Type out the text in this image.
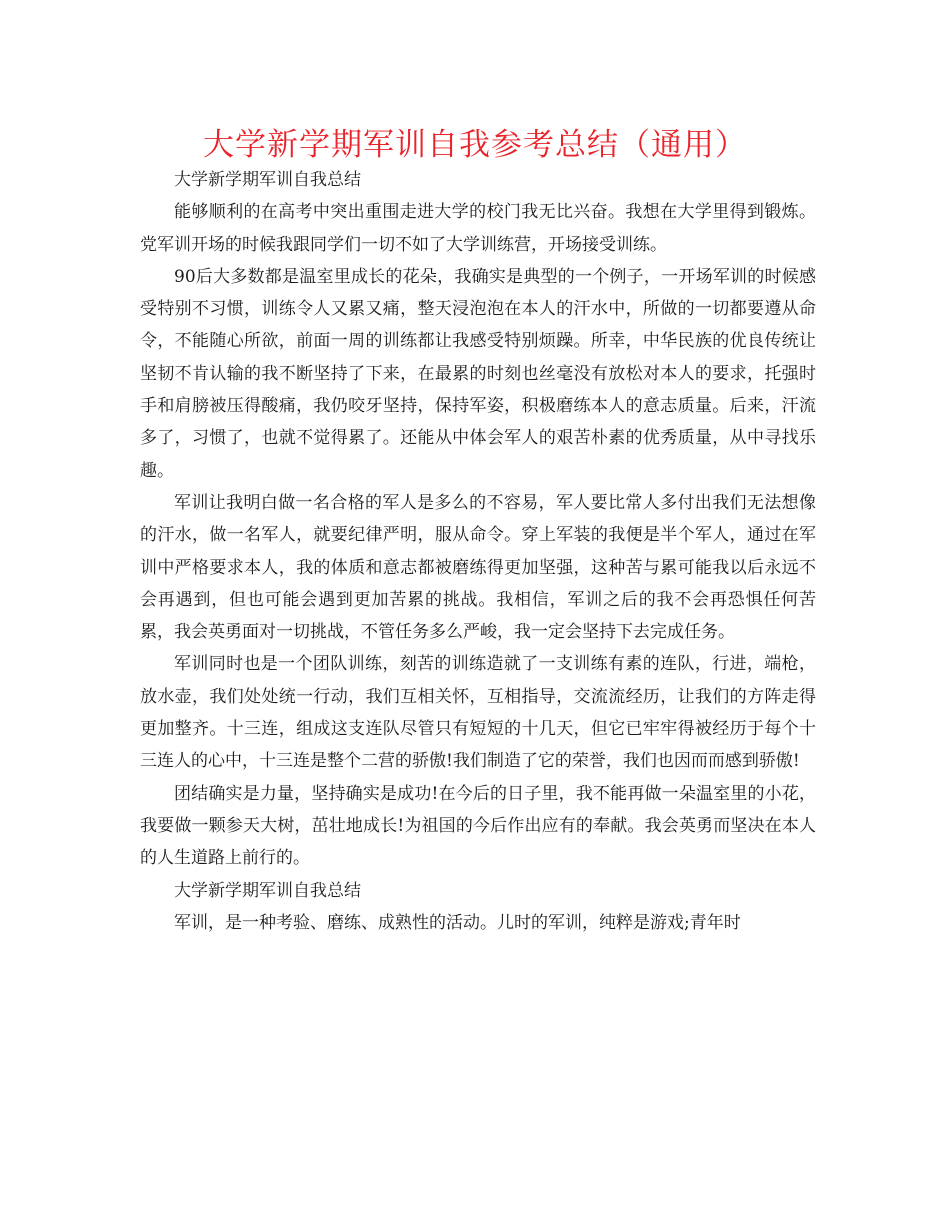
大学新学期军训自我参考总结（通用）

大学新学期军训自我总结

能够顺利的在高考中突出重围走进大学的校门我无比兴奋。我想在大学里得到锻炼。党军训开场的时候我跟同学们一切不如了大学训练营，开场接受训练。

90后大多数都是温室里成长的花朵，我确实是典型的一个例子，一开场军训的时候感受特别不习惯，训练令人又累又痛，整天浸泡泡在本人的汗水中，所做的一切都要遵从命令，不能随心所欲，前面一周的训练都让我感受特别烦躁。所幸，中华民族的优良传统让坚韧不肯认输的我不断坚持了下来，在最累的时刻也丝毫没有放松对本人的要求，托强时手和肩膀被压得酸痛，我仍咬牙坚持，保持军姿，积极磨练本人的意志质量。后来，汗流多了，习惯了，也就不觉得累了。还能从中体会军人的艰苦朴素的优秀质量，从中寻找乐趣。

军训让我明白做一名合格的军人是多么的不容易，军人要比常人多付出我们无法想像的汗水，做一名军人，就要纪律严明，服从命令。穿上军装的我便是半个军人，通过在军训中严格要求本人，我的体质和意志都被磨练得更加坚强，这种苦与累可能我以后永远不会再遇到，但也可能会遇到更加苦累的挑战。我相信，军训之后的我不会再恐惧任何苦累，我会英勇面对一切挑战，不管任务多么严峻，我一定会坚持下去完成任务。

军训同时也是一个团队训练，刻苦的训练造就了一支训练有素的连队，行进，端枪，放水壶，我们处处统一行动，我们互相关怀，互相指导，交流流经历，让我们的方阵走得更加整齐。十三连，组成这支连队尽管只有短短的十几天，但它已牢牢得被经历于每个十三连人的心中，十三连是整个二营的骄傲!我们制造了它的荣誉，我们也因而而感到骄傲!

团结确实是力量，坚持确实是成功!在今后的日子里，我不能再做一朵温室里的小花，我要做一颗参天大树，茁壮地成长!为祖国的今后作出应有的奉献。我会英勇而坚决在本人的人生道路上前行的。

大学新学期军训自我总结

军训，是一种考验、磨练、成熟性的活动。儿时的军训，纯粹是游戏;青年时
